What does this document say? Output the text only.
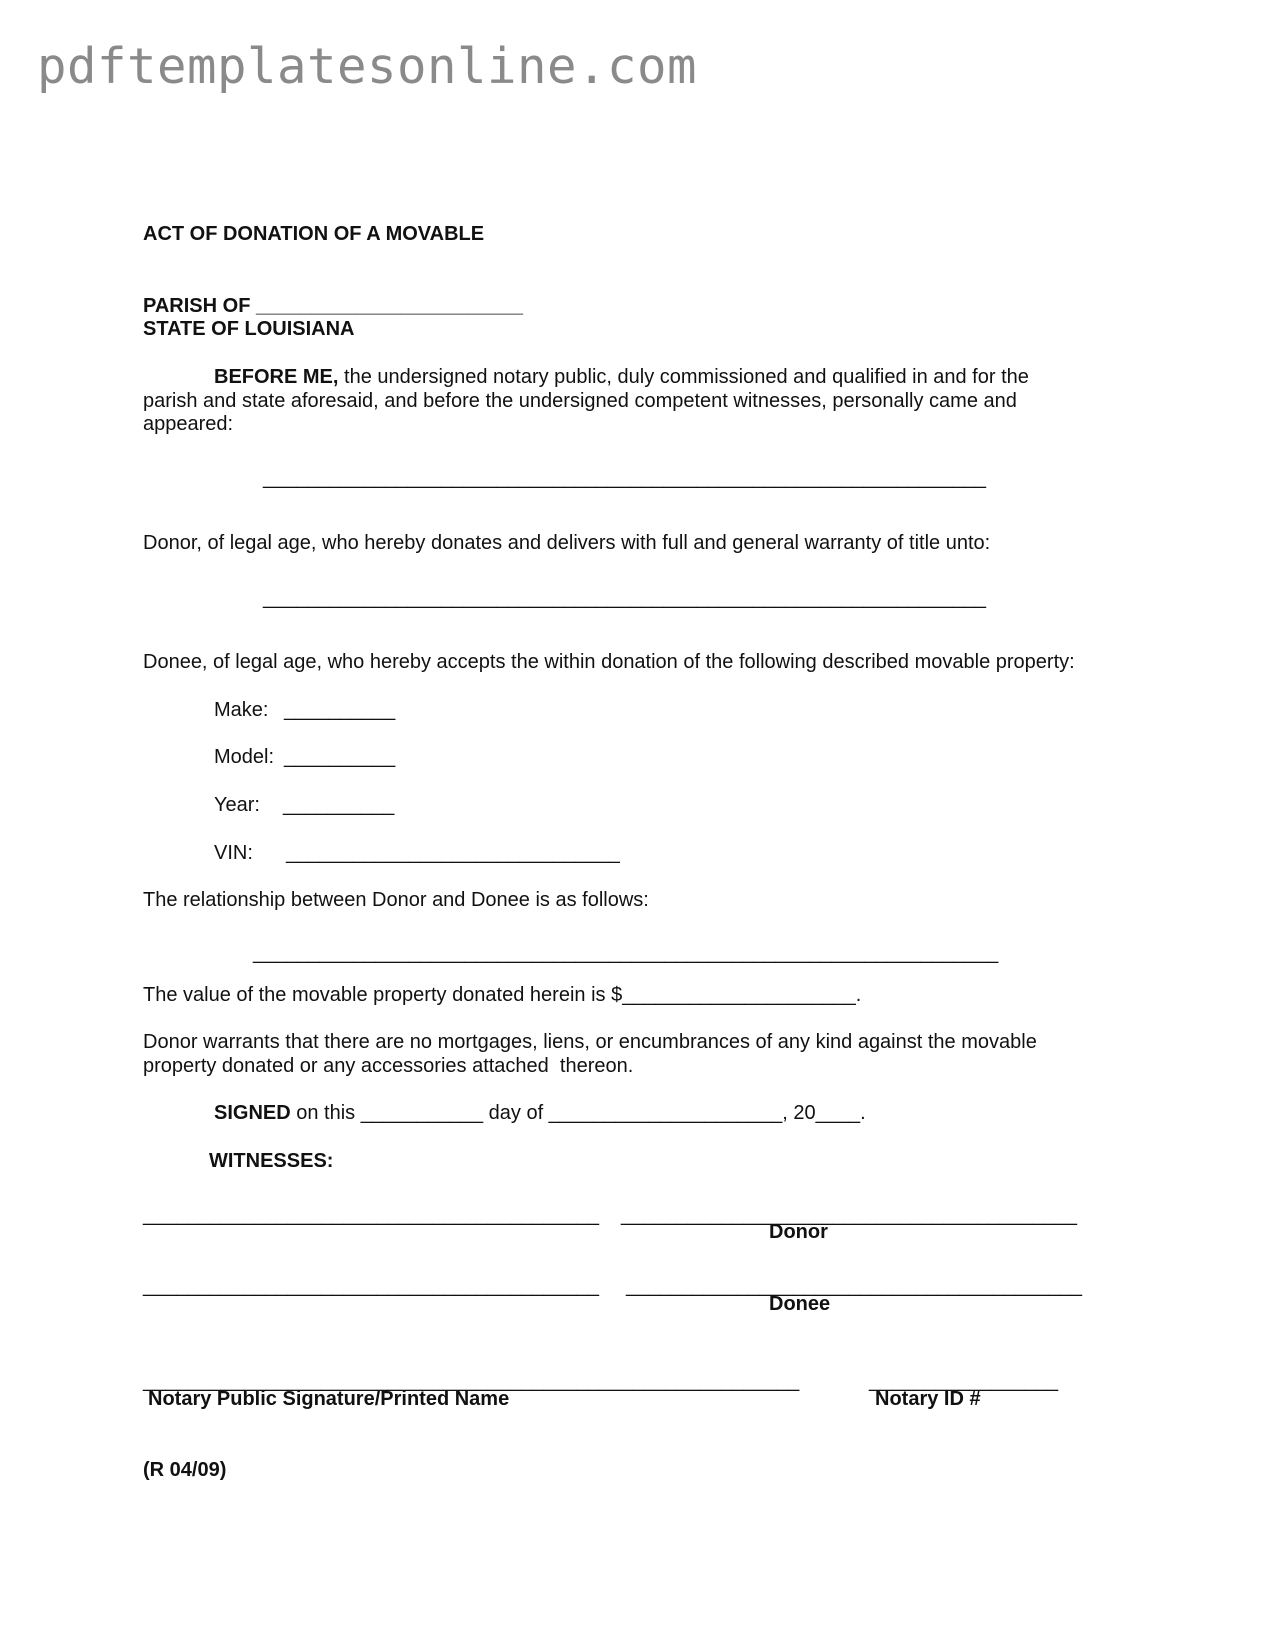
pdftemplatesonline.com
ACT OF DONATION OF A MOVABLE
PARISH OF ________________________
STATE OF LOUISIANA
BEFORE ME, the undersigned notary public, duly commissioned and qualified in and for the
parish and state aforesaid, and before the undersigned competent witnesses, personally came and
appeared:
_________________________________________________________________
Donor, of legal age, who hereby donates and delivers with full and general warranty of title unto:
_________________________________________________________________
Donee, of legal age, who hereby accepts the within donation of the following described movable property:
Make: __________
Model: __________
Year: __________
VIN: ______________________________
The relationship between Donor and Donee is as follows:
___________________________________________________________________
The value of the movable property donated herein is $_____________________.
Donor warrants that there are no mortgages, liens, or encumbrances of any kind against the movable
property donated or any accessories attached  thereon.
SIGNED on this ___________ day of _____________________, 20____.
WITNESSES:
_________________________________________ _________________________________________
Donor
_________________________________________ _________________________________________
Donee
___________________________________________________________	_________________
Notary Public Signature/Printed Name	Notary ID #
(R 04/09)
